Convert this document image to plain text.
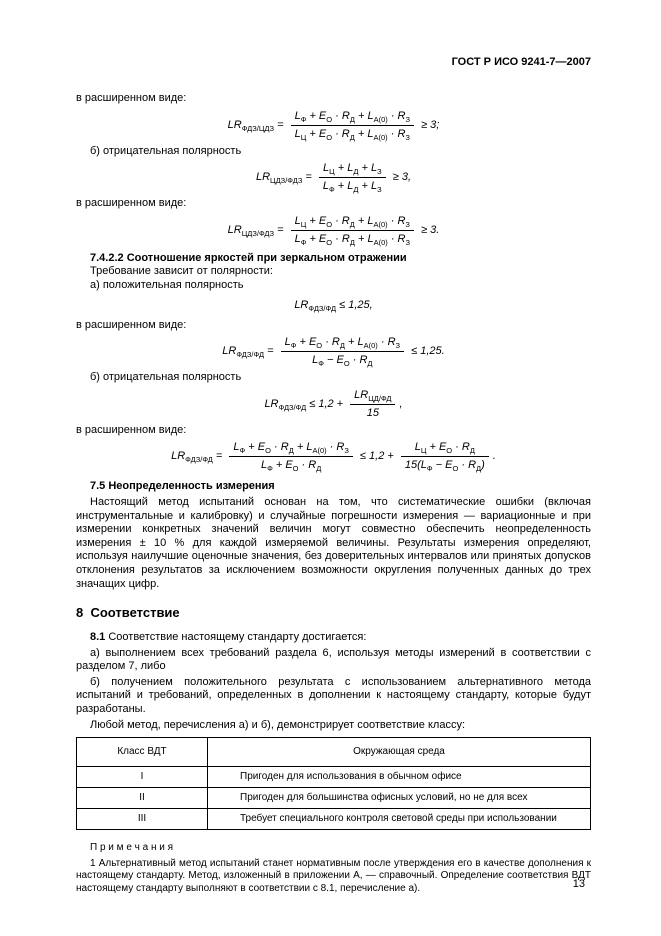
ГОСТ Р ИСО 9241-7—2007

в расширенном виде:

$LR_{ФДЗ/ЦДЗ} = \frac{L_Ф + E_О \cdot R_Д + L_{А(0)} \cdot R_З}{L_Ц + E_О \cdot R_Д + L_{А(0)} \cdot R_З} \ge 3$;

б) отрицательная полярность

$LR_{ЦДЗ/ФДЗ} = \frac{L_Ц + L_Д + L_З}{L_Ф + L_Д + L_З} \ge 3$,

в расширенном виде:

$LR_{ЦДЗ/ФДЗ} = \frac{L_Ц + E_О \cdot R_Д + L_{А(0)} \cdot R_З}{L_Ф + E_О \cdot R_Д + L_{А(0)} \cdot R_З} \ge 3$.

7.4.2.2 Соотношение яркостей при зеркальном отражении

Требование зависит от полярности:

а) положительная полярность

$LR_{ФДЗ/ФД} \le 1,25$,

в расширенном виде:

$LR_{ФДЗ/ФД} = \frac{L_Ф + E_О \cdot R_Д + L_{А(0)} \cdot R_З}{L_Ф - E_О \cdot R_Д} \le 1,25$.

б) отрицательная полярность

$LR_{ФДЗ/ФД} \le 1,2 + \frac{LR_{ЦД/ФД}}{15}$ ,

в расширенном виде:

$LR_{ФДЗ/ФД} = \frac{L_Ф + E_О \cdot R_Д + L_{А(0)} \cdot R_З}{L_Ф + E_О \cdot R_Д} \le 1,2 + \frac{L_Ц + E_О \cdot R_Д}{15(L_Ф - E_О \cdot R_Д)}$ .

7.5 Неопределенность измерения

Настоящий метод испытаний основан на том, что систематические ошибки (включая инструментальные и калибровку) и случайные погрешности измерения — вариационные и при измерении конкретных значений величин могут совместно обеспечить неопределенность измерения ± 10 % для каждой измеряемой величины. Результаты измерения определяют, используя наилучшие оценочные значения, без доверительных интервалов или принятых допусков отклонения результатов за исключением возможности округления полученных данных до трех значащих цифр.

8  Соответствие

8.1 Соответствие настоящему стандарту достигается:

а) выполнением всех требований раздела 6, используя методы измерений в соответствии с разделом 7, либо

б) получением положительного результата с использованием альтернативного метода испытаний и требований, определенных в дополнении к настоящему стандарту, которые будут разработаны.

Любой метод, перечисления а) и б), демонстрирует соответствие классу:

Класс ВДТ	Окружающая среда
I	Пригоден для использования в обычном офисе
II	Пригоден для большинства офисных условий, но не для всех
III	Требует специального контроля световой среды при использовании

П р и м е ч а н и я

1 Альтернативный метод испытаний станет нормативным после утверждения его в качестве дополнения к настоящему стандарту. Метод, изложенный в приложении А, — справочный. Определение соответствия ВДТ настоящему стандарту выполняют в соответствии с 8.1, перечисление а).	13
